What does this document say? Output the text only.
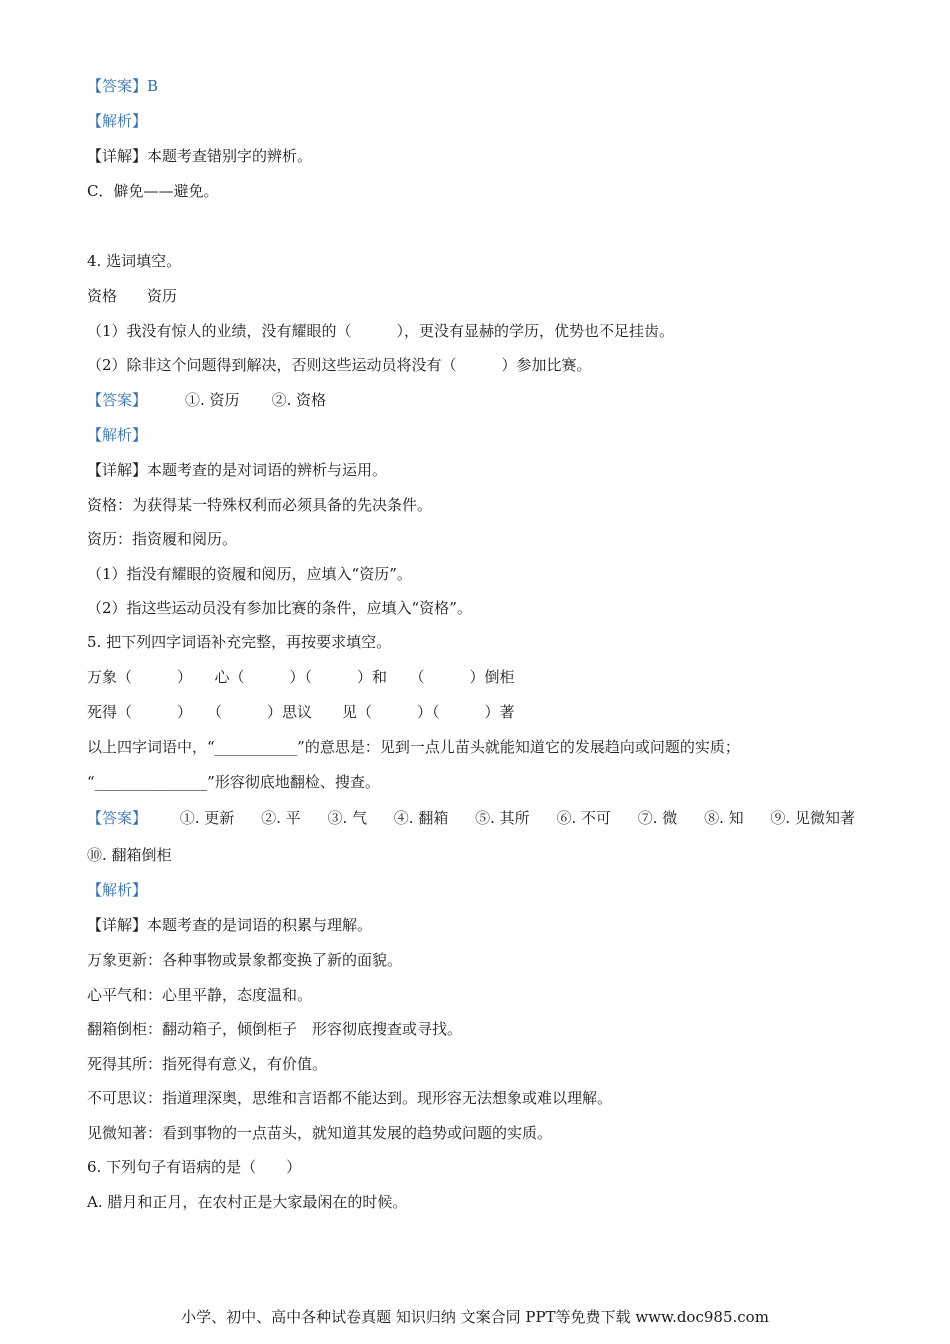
【答案】B
【解析】
【详解】本题考查错别字的辨析。
C．僻免——避免。
4. 选词填空。
资格　　资历
（1）我没有惊人的业绩，没有耀眼的（　　　），更没有显赫的学历，优势也不足挂齿。
（2）除非这个问题得到解决，否则这些运动员将没有（　　　）参加比赛。
【答案】	①. 资历 ②. 资格
【解析】
【详解】本题考查的是对词语的辨析与运用。
资格：为获得某一特殊权利而必须具备的先决条件。
资历：指资履和阅历。
（1）指没有耀眼的资履和阅历，应填入“资历”。
（2）指这些运动员没有参加比赛的条件，应填入“资格”。
5. 把下列四字词语补充完整，再按要求填空。
万象（　　　）　　心（　　　）（　　　）和　　（　　　）倒柜
死得（　　　）　　（　　　）思议　　见（　　　）（　　　）著
以上四字词语中，“___________”的意思是：见到一点儿苗头就能知道它的发展趋向或问题的实质；
“_______________”形容彻底地翻检、搜查。
【答案】 ①. 更新 ②. 平 ③. 气 ④. 翻箱 ⑤. 其所 ⑥. 不可 ⑦. 微 ⑧. 知 ⑨. 见微知著
⑩. 翻箱倒柜
【解析】
【详解】本题考查的是词语的积累与理解。
万象更新：各种事物或景象都变换了新的面貌。
心平气和：心里平静，态度温和。
翻箱倒柜：翻动箱子，倾倒柜子　形容彻底搜查或寻找。
死得其所：指死得有意义，有价值。
不可思议：指道理深奥，思维和言语都不能达到。现形容无法想象或难以理解。
见微知著：看到事物的一点苗头，就知道其发展的趋势或问题的实质。
6. 下列句子有语病的是（　　）
A. 腊月和正月，在农村正是大家最闲在的时候。
小学、初中、高中各种试卷真题 知识归纳 文案合同 PPT等免费下载 www.doc985.com
